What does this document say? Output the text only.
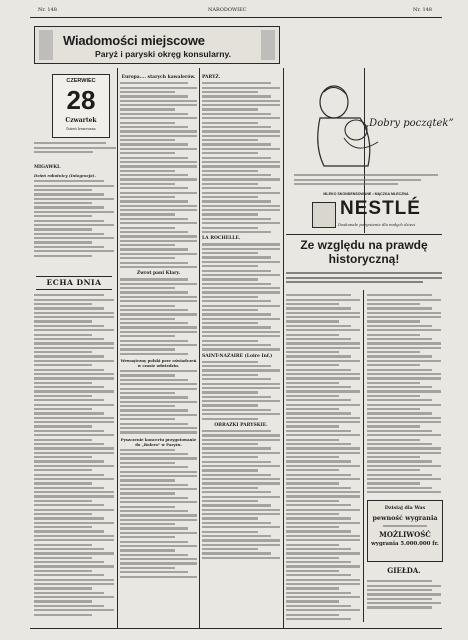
Nr. 148	NARODOWIEC	Nr. 148
Wiadomości miejscowe
Paryż i paryski okręg konsularny.
CZERWIEC
28
Czwartek
Dzień Ireneusza
MIGAWKI.
Dzień robotnicy (Integracja).
ECHA DNIA
Europa.... starych kawalerów.
Zwrot pani Klary.
Wewnętrzny polski prze oświadczeń w czasie odwiedzin.
Pyszczenie koncertu przygotowanie do „Bolero” w Paryżu.
PARYŻ.
LA ROCHELLE.
SAINT-NAZAIRE (Loire Inf.)
OBRAZKI PARYSKIE.
„Dobry początek”
MLEKO SKONDENSOWANE • MĄCZKA MLECZNA
NESTLÉ
Doskonałe pożywienie dla małych dzieci
Ze względu na prawdę
historyczną!
Dzisiaj dla Was
pewność wygrania
MOŻLIWOŚĆ
wygrania 5.000.000 fr.
GIEŁDA.
